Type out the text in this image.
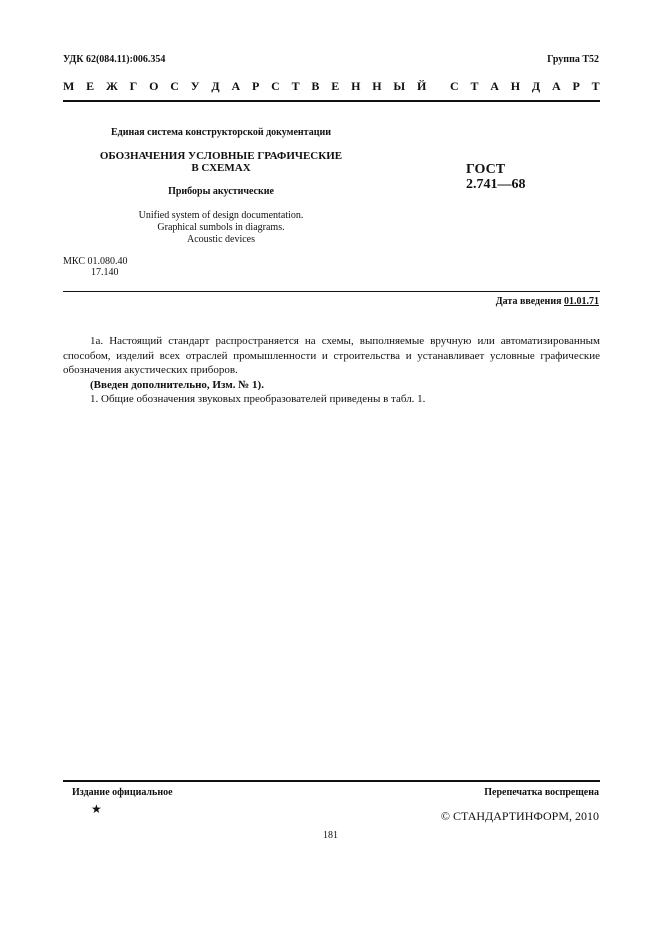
УДК 62(084.11):006.354	Группа Т52
М Е Ж Г О С У Д А Р С Т В Е Н Н Ы Й С Т А Н Д А Р Т
Единая система конструкторской документации
ОБОЗНАЧЕНИЯ УСЛОВНЫЕ ГРАФИЧЕСКИЕ
В СХЕМАХ
Приборы акустические
ГОСТ
2.741—68
Unified system of design documentation.
Graphical sumbols in diagrams.
Acoustic devices
МКС 01.080.40
17.140
Дата введения 01.01.71

1а. Настоящий стандарт распространяется на схемы, выполняемые вручную или автоматизированным способом, изделий всех отраслей промышленности и строительства и устанавливает условные графические обозначения акустических приборов.

(Введен дополнительно, Изм. № 1).

1. Общие обозначения звуковых преобразователей приведены в табл. 1.

Издание официальное	Перепечатка воспрещена
★	© СТАНДАРТИНФОРМ, 2010
181
